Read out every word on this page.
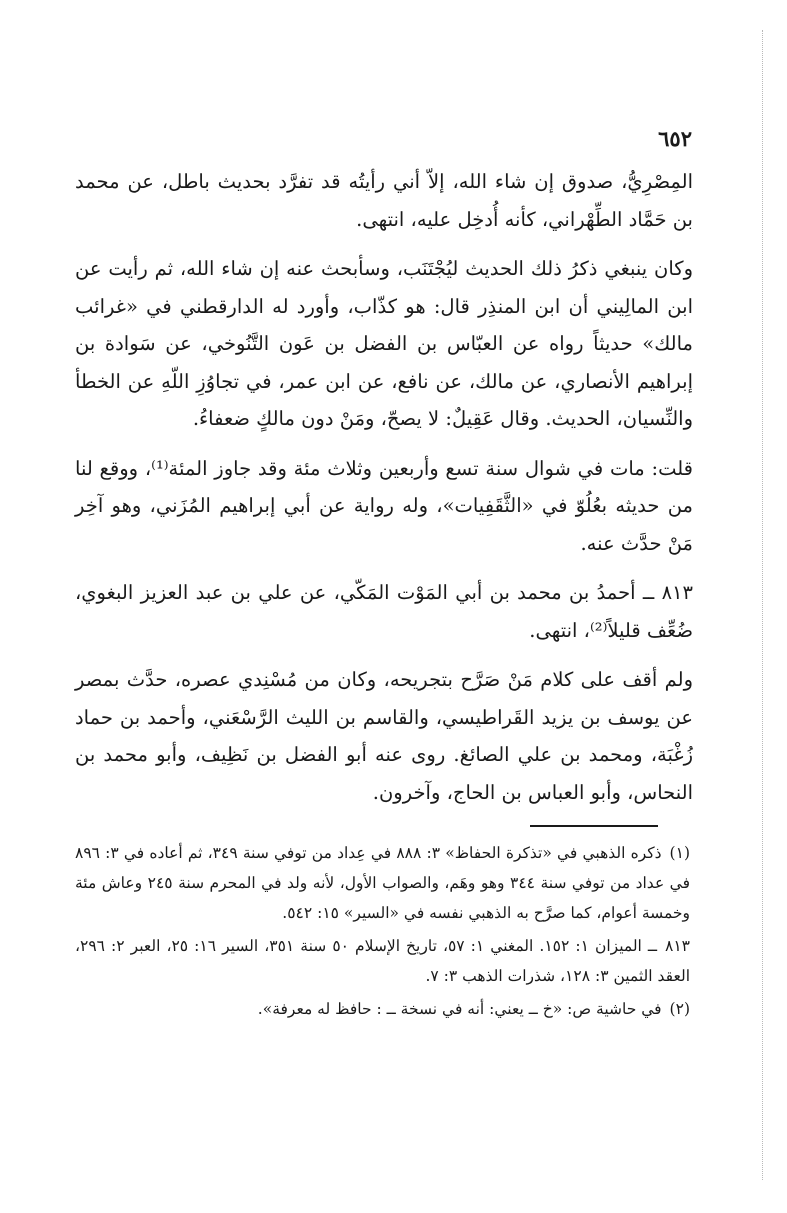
٦٥٢

المِصْرِيُّ، صدوق إن شاء الله، إلاّ أني رأيتُه قد تفرَّد بحديث باطل، عن محمد بن حَمَّاد الطِّهْراني، كأنه أُدخِل عليه، انتهى.

وكان ينبغي ذكرُ ذلك الحديث ليُجْتَنَب، وسأبحث عنه إن شاء الله، ثم رأيت عن ابن المالِيني أن ابن المنذِر قال: هو كذّاب، وأورد له الدارقطني في «غرائب مالك» حديثاً رواه عن العبّاس بن الفضل بن عَون التَّنُوخي، عن سَوادة بن إبراهيم الأنصاري، عن مالك، عن نافع، عن ابن عمر، في تجاوُزِ اللّهِ عن الخطأ والنِّسيان، الحديث. وقال عَقِيلٌ: لا يصحّ، ومَنْ دون مالكٍ ضعفاءُ.

قلت: مات في شوال سنة تسع وأربعين وثلاث مئة وقد جاوز المئة⁽¹⁾، ووقع لنا من حديثه بعُلُوّ في «الثَّقَفِيات»، وله رواية عن أبي إبراهيم المُزَني، وهو آخِر مَنْ حدَّث عنه.

٨١٣ ــ أحمدُ بن محمد بن أبي المَوْت المَكّي، عن علي بن عبد العزيز البغوي، ضُعِّف قليلاً⁽²⁾، انتهى.

ولم أقف على كلام مَنْ صَرَّح بتجريحه، وكان من مُسْنِدي عصره، حدَّث بمصر عن يوسف بن يزيد القَراطيسي، والقاسم بن الليث الرَّسْعَني، وأحمد بن حماد زُغْبَة، ومحمد بن علي الصائغ. روى عنه أبو الفضل بن نَظِيف، وأبو محمد بن النحاس، وأبو العباس بن الحاج، وآخرون.

(١)ذكره الذهبي في «تذكرة الحفاظ» ٣: ٨٨٨ في عِداد من توفي سنة ٣٤٩، ثم أعاده في ٣: ٨٩٦ في عداد من توفي سنة ٣٤٤ وهو وهَم، والصواب الأول، لأنه ولد في المحرم سنة ٢٤٥ وعاش مئة وخمسة أعوام، كما صرَّح به الذهبي نفسه في «السير» ١٥: ٥٤٢.

٨١٣ــ الميزان ١: ١٥٢. المغني ١: ٥٧، تاريخ الإسلام ٥٠ سنة ٣٥١، السير ١٦: ٢٥، العبر ٢: ٢٩٦، العقد الثمين ٣: ١٢٨، شذرات الذهب ٣: ٧.

(٢)في حاشية ص: «خ ــ يعني: أنه في نسخة ــ : حافظ له معرفة».
